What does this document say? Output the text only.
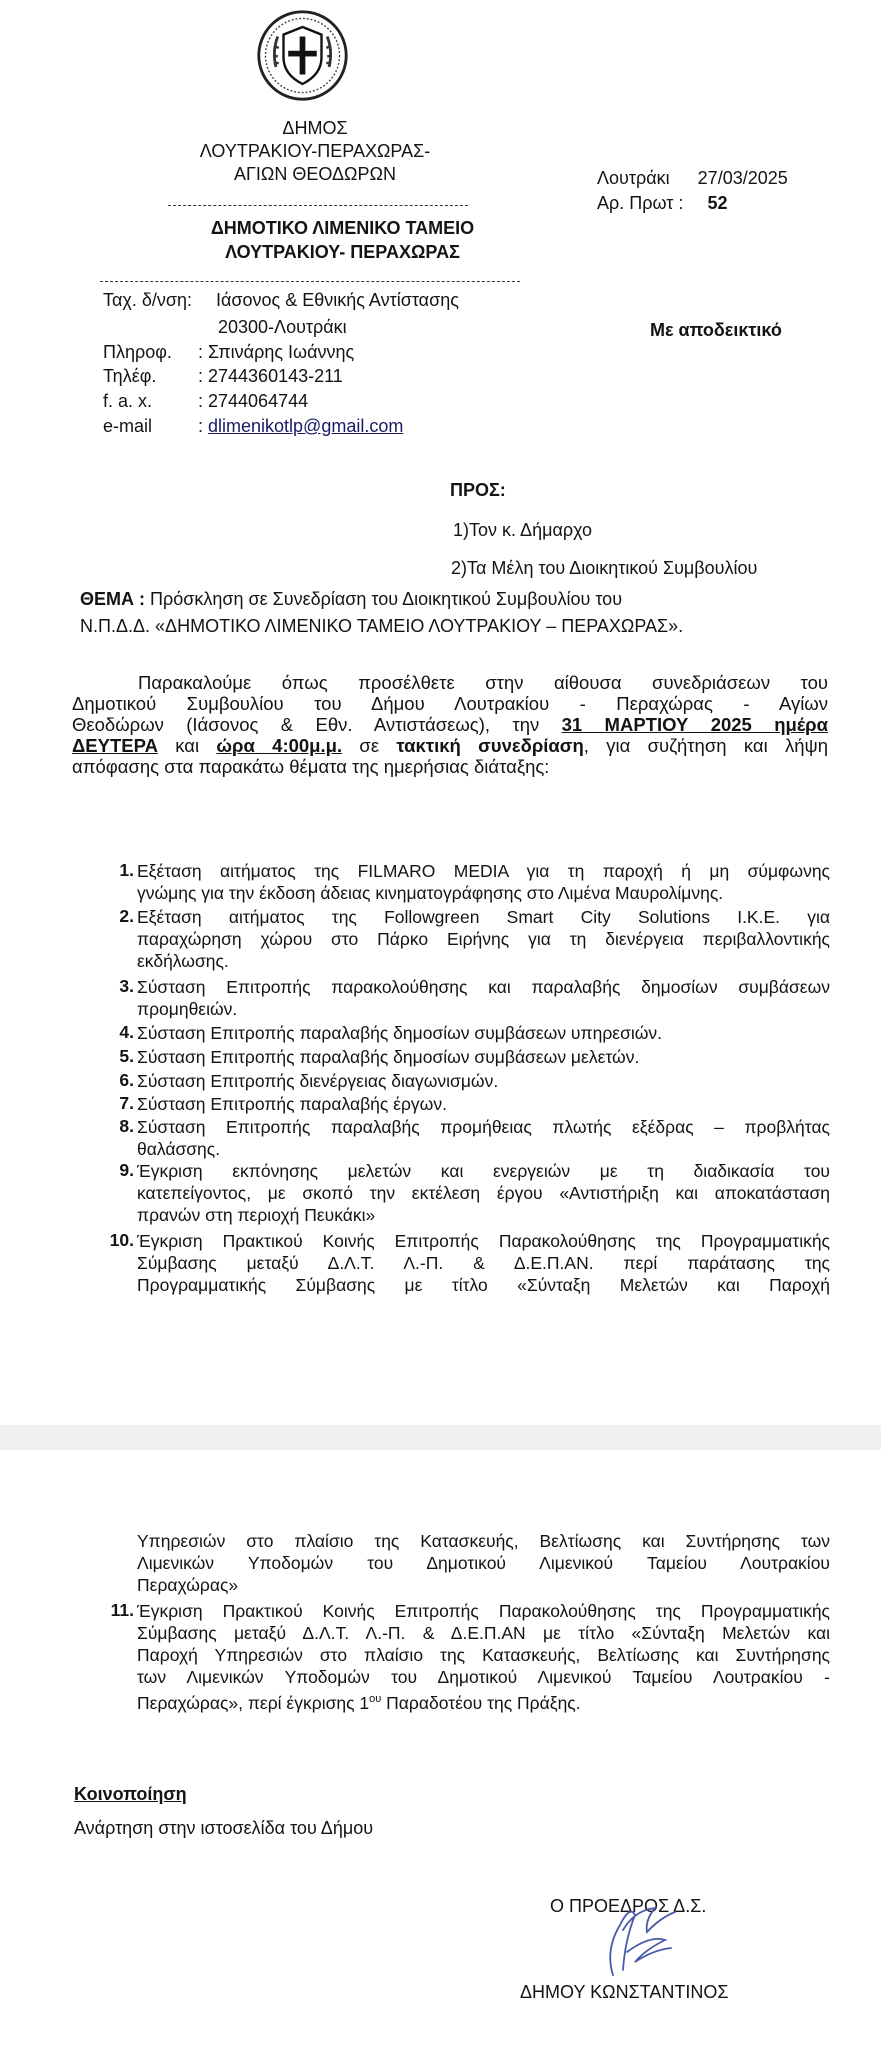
ΔΗΜΟΣ
ΛΟΥΤΡΑΚΙΟΥ-ΠΕΡΑΧΩΡΑΣ-
ΑΓΙΩΝ ΘΕΟΔΩΡΩΝ
ΔΗΜΟΤΙΚΟ ΛΙΜΕΝΙΚΟ ΤΑΜΕΙΟ
ΛΟΥΤΡΑΚΙΟΥ- ΠΕΡΑΧΩΡΑΣ
Λουτράκι 27/03/2025
Αρ. Πρωτ : 52
Με αποδεικτικό
Ταχ. δ/νση: Ιάσονος & Εθνικής Αντίστασης
20300-Λουτράκι
Πληροφ. : Σπινάρης Ιωάννης
Τηλέφ. : 2744360143-211
f. a. x.	: 2744064744
e-mail	: dlimenikotlp@gmail.com
ΠΡΟΣ:
1)Τον κ. Δήμαρχο
2)Τα Μέλη του Διοικητικού Συμβουλίου
ΘΕΜΑ : Πρόσκληση σε Συνεδρίαση του Διοικητικού Συμβουλίου του
Ν.Π.Δ.Δ. «ΔΗΜΟΤΙΚΟ ΛΙΜΕΝΙΚΟ ΤΑΜΕΙΟ ΛΟΥΤΡΑΚΙΟΥ – ΠΕΡΑΧΩΡΑΣ».
Παρακαλούμε όπως προσέλθετε στην αίθουσα συνεδριάσεων του
Δημοτικού Συμβουλίου του Δήμου Λουτρακίου - Περαχώρας - Αγίων
Θεοδώρων (Ιάσονος & Εθν. Αντιστάσεως), την 31 ΜΑΡΤΙΟΥ 2025 ημέρα
ΔΕΥΤΕΡΑ και ώρα 4:00μ.μ. σε τακτική συνεδρίαση, για συζήτηση και λήψη
απόφασης στα παρακάτω θέματα της ημερήσιας διάταξης:
1. Εξέταση αιτήματος της FILMARO MEDIA για τη παροχή ή μη σύμφωνης
γνώμης για την έκδοση άδειας κινηματογράφησης στο Λιμένα Μαυρολίμνης.
2. Εξέταση αιτήματος της Followgreen Smart City Solutions I.K.E. για
παραχώρηση χώρου στο Πάρκο Ειρήνης για τη διενέργεια περιβαλλοντικής
εκδήλωσης.
3. Σύσταση Επιτροπής παρακολούθησης και παραλαβής δημοσίων συμβάσεων
προμηθειών.
4. Σύσταση Επιτροπής παραλαβής δημοσίων συμβάσεων υπηρεσιών.
5. Σύσταση Επιτροπής παραλαβής δημοσίων συμβάσεων μελετών.
6. Σύσταση Επιτροπής διενέργειας διαγωνισμών.
7. Σύσταση Επιτροπής παραλαβής έργων.
8. Σύσταση Επιτροπής παραλαβής προμήθειας πλωτής εξέδρας – προβλήτας
θαλάσσης.
9. Έγκριση εκπόνησης μελετών και ενεργειών με τη διαδικασία του
κατεπείγοντος, με σκοπό την εκτέλεση έργου «Αντιστήριξη και αποκατάσταση
πρανών στη περιοχή Πευκάκι»
10. Έγκριση Πρακτικού Κοινής Επιτροπής Παρακολούθησης της Προγραμματικής
Σύμβασης μεταξύ Δ.Λ.Τ. Λ.-Π. & Δ.Ε.Π.ΑΝ. περί παράτασης της
Προγραμματικής Σύμβασης με τίτλο «Σύνταξη Μελετών και Παροχή
Υπηρεσιών στο πλαίσιο της Κατασκευής, Βελτίωσης και Συντήρησης των
Λιμενικών Υποδομών του Δημοτικού Λιμενικού Ταμείου Λουτρακίου
Περαχώρας»
11. Έγκριση Πρακτικού Κοινής Επιτροπής Παρακολούθησης της Προγραμματικής
Σύμβασης μεταξύ Δ.Λ.Τ. Λ.-Π. & Δ.Ε.Π.ΑΝ με τίτλο «Σύνταξη Μελετών και
Παροχή Υπηρεσιών στο πλαίσιο της Κατασκευής, Βελτίωσης και Συντήρησης
των Λιμενικών Υποδομών του Δημοτικού Λιμενικού Ταμείου Λουτρακίου -
Περαχώρας», περί έγκρισης $1^{o\upsilon}$ Παραδοτέου της Πράξης.
Κοινοποίηση
Ανάρτηση στην ιστοσελίδα του Δήμου
Ο ΠΡΟΕΔΡΟΣ Δ.Σ.
ΔΗΜΟΥ ΚΩΝΣΤΑΝΤΙΝΟΣ
